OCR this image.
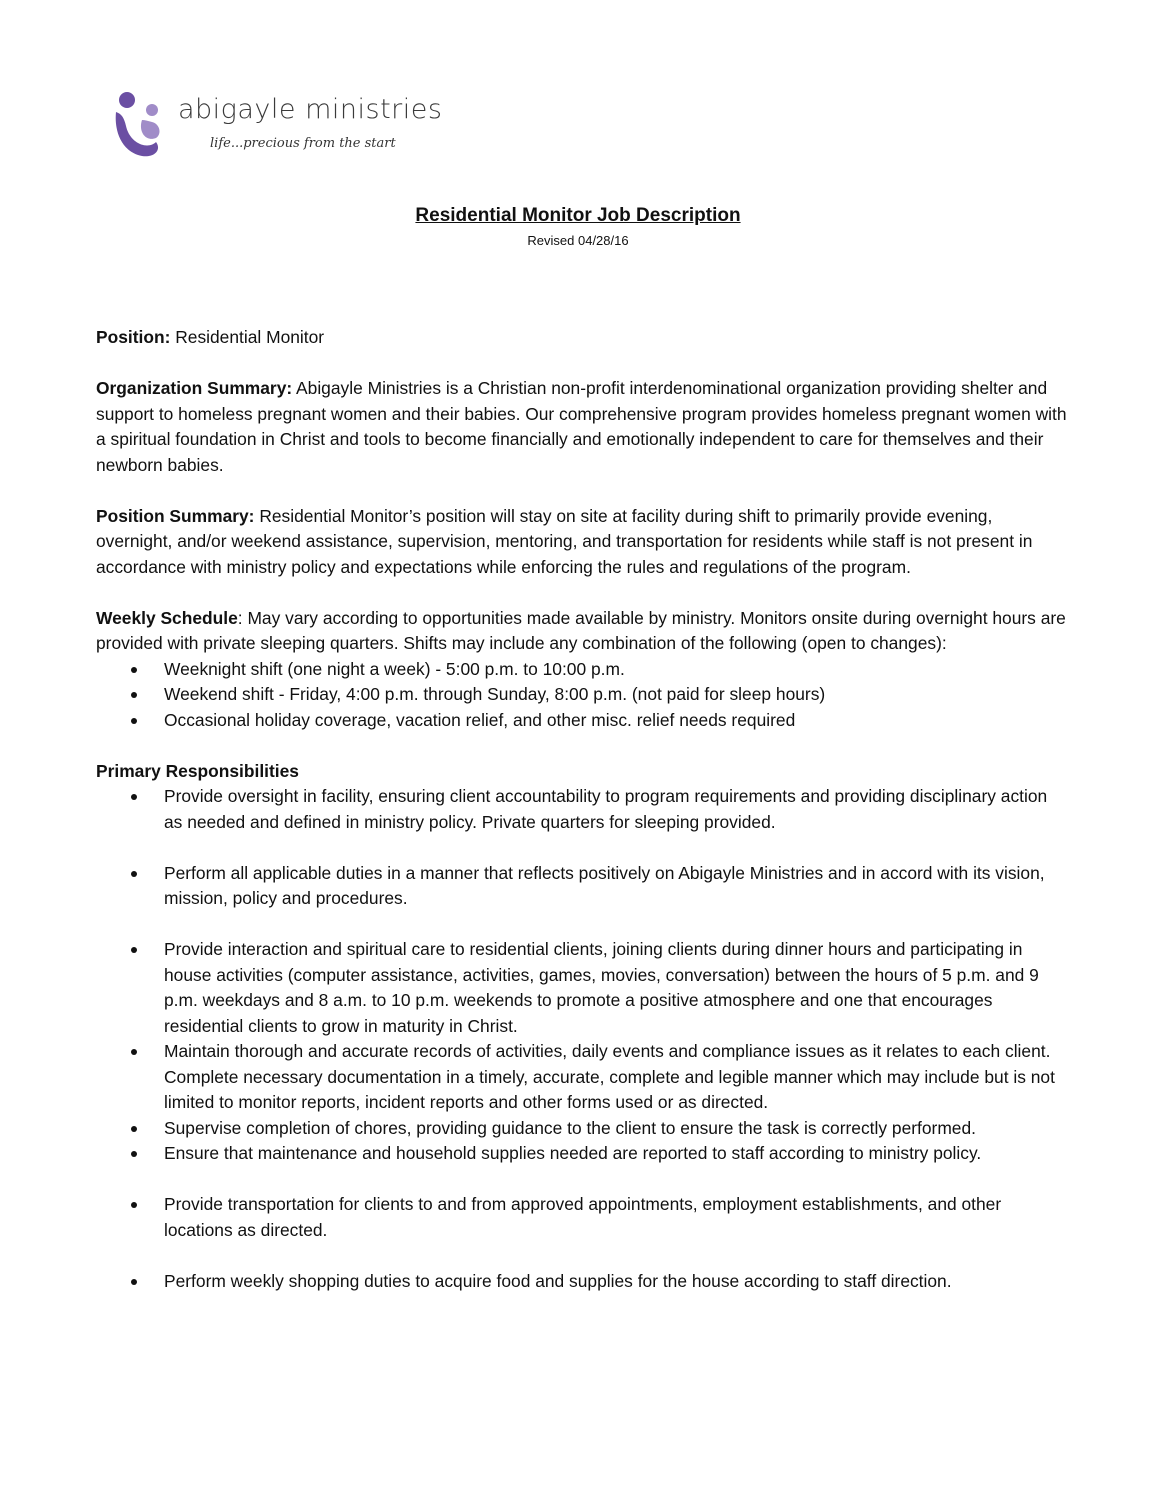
abigayle ministries
life...precious from the start
Residential Monitor Job Description
Revised 04/28/16

Position: Residential Monitor

Organization Summary: Abigayle Ministries is a Christian non-profit interdenominational organization providing shelter and support to homeless pregnant women and their babies. Our comprehensive program provides homeless pregnant women with a spiritual foundation in Christ and tools to become financially and emotionally independent to care for themselves and their newborn babies.

Position Summary: Residential Monitor’s position will stay on site at facility during shift to primarily provide evening, overnight, and/or weekend assistance, supervision, mentoring, and transportation for residents while staff is not present in accordance with ministry policy and expectations while enforcing the rules and regulations of the program.

Weekly Schedule: May vary according to opportunities made available by ministry. Monitors onsite during overnight hours are provided with private sleeping quarters. Shifts may include any combination of the following (open to changes):

Weeknight shift (one night a week) - 5:00 p.m. to 10:00 p.m.
Weekend shift - Friday, 4:00 p.m. through Sunday, 8:00 p.m. (not paid for sleep hours)
Occasional holiday coverage, vacation relief, and other misc. relief needs required
Primary Responsibilities
Provide oversight in facility, ensuring client accountability to program requirements and providing disciplinary action as needed and defined in ministry policy. Private quarters for sleeping provided.
Perform all applicable duties in a manner that reflects positively on Abigayle Ministries and in accord with its vision, mission, policy and procedures.
Provide interaction and spiritual care to residential clients, joining clients during dinner hours and participating in house activities (computer assistance, activities, games, movies, conversation) between the hours of 5 p.m. and 9 p.m. weekdays and 8 a.m. to 10 p.m. weekends to promote a positive atmosphere and one that encourages residential clients to grow in maturity in Christ.
Maintain thorough and accurate records of activities, daily events and compliance issues as it relates to each client. Complete necessary documentation in a timely, accurate, complete and legible manner which may include but is not limited to monitor reports, incident reports and other forms used or as directed.
Supervise completion of chores, providing guidance to the client to ensure the task is correctly performed.
Ensure that maintenance and household supplies needed are reported to staff according to ministry policy.
Provide transportation for clients to and from approved appointments, employment establishments, and other locations as directed.
Perform weekly shopping duties to acquire food and supplies for the house according to staff direction.
